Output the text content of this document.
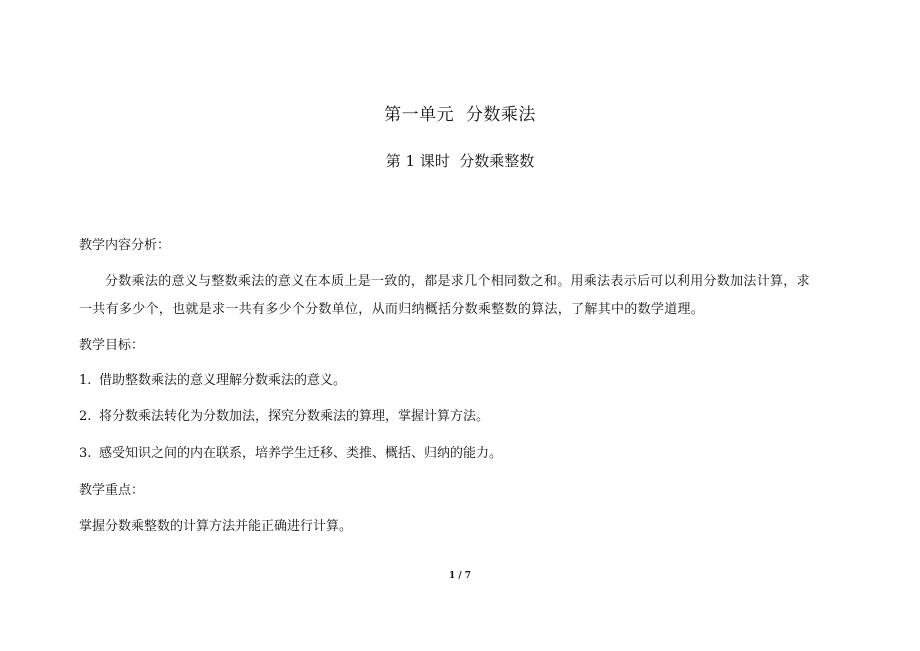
第一单元  分数乘法
第 1 课时  分数乘整数
教学内容分析：
分数乘法的意义与整数乘法的意义在本质上是一致的，都是求几个相同数之和。用乘法表示后可以利用分数加法计算，求一共有多少个，也就是求一共有多少个分数单位，从而归纳概括分数乘整数的算法，了解其中的数学道理。
教学目标：
1. 借助整数乘法的意义理解分数乘法的意义。
2. 将分数乘法转化为分数加法，探究分数乘法的算理，掌握计算方法。
3. 感受知识之间的内在联系，培养学生迁移、类推、概括、归纳的能力。
教学重点：
掌握分数乘整数的计算方法并能正确进行计算。
1 / 7
